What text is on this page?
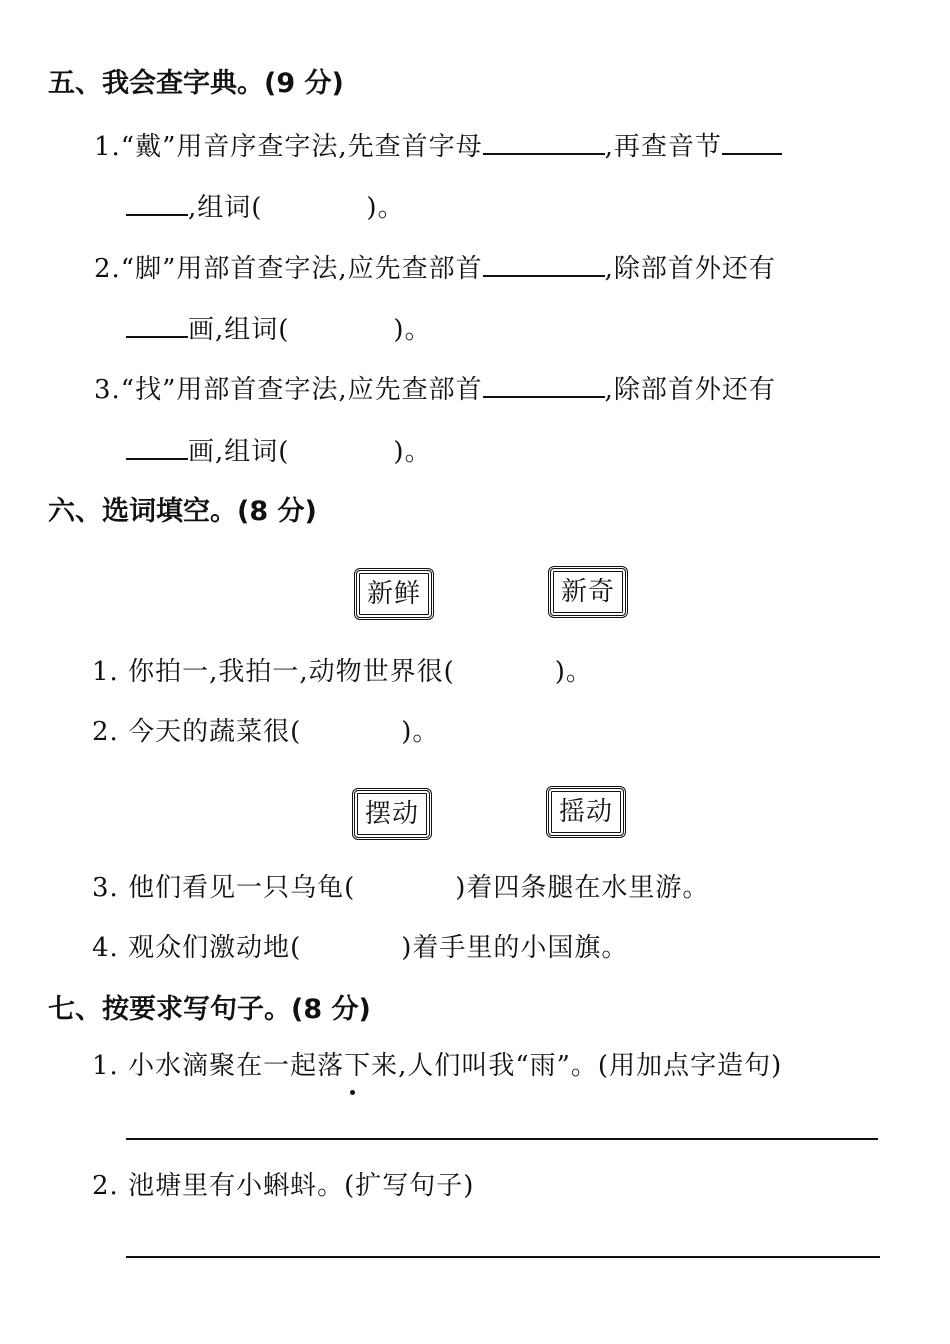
五、我会查字典。(9 分)
1.“戴”用音序查字法,先查首字母	,再查音节
,组词(	)。
2.“脚”用部首查字法,应先查部首	,除部首外还有
画,组词(	)。
3.“找”用部首查字法,应先查部首	,除部首外还有
画,组词(	)。
六、选词填空。(8 分)
新鲜	新奇
1. 你拍一,我拍一,动物世界很(	)。
2. 今天的蔬菜很(	)。
摆动	摇动
3. 他们看见一只乌龟(	)着四条腿在水里游。
4. 观众们激动地(	)着手里的小国旗。
七、按要求写句子。(8 分)
1. 小水滴聚在一起落下来,人们叫我“雨”。(用加点字造句)
2. 池塘里有小蝌蚪。(扩写句子)
